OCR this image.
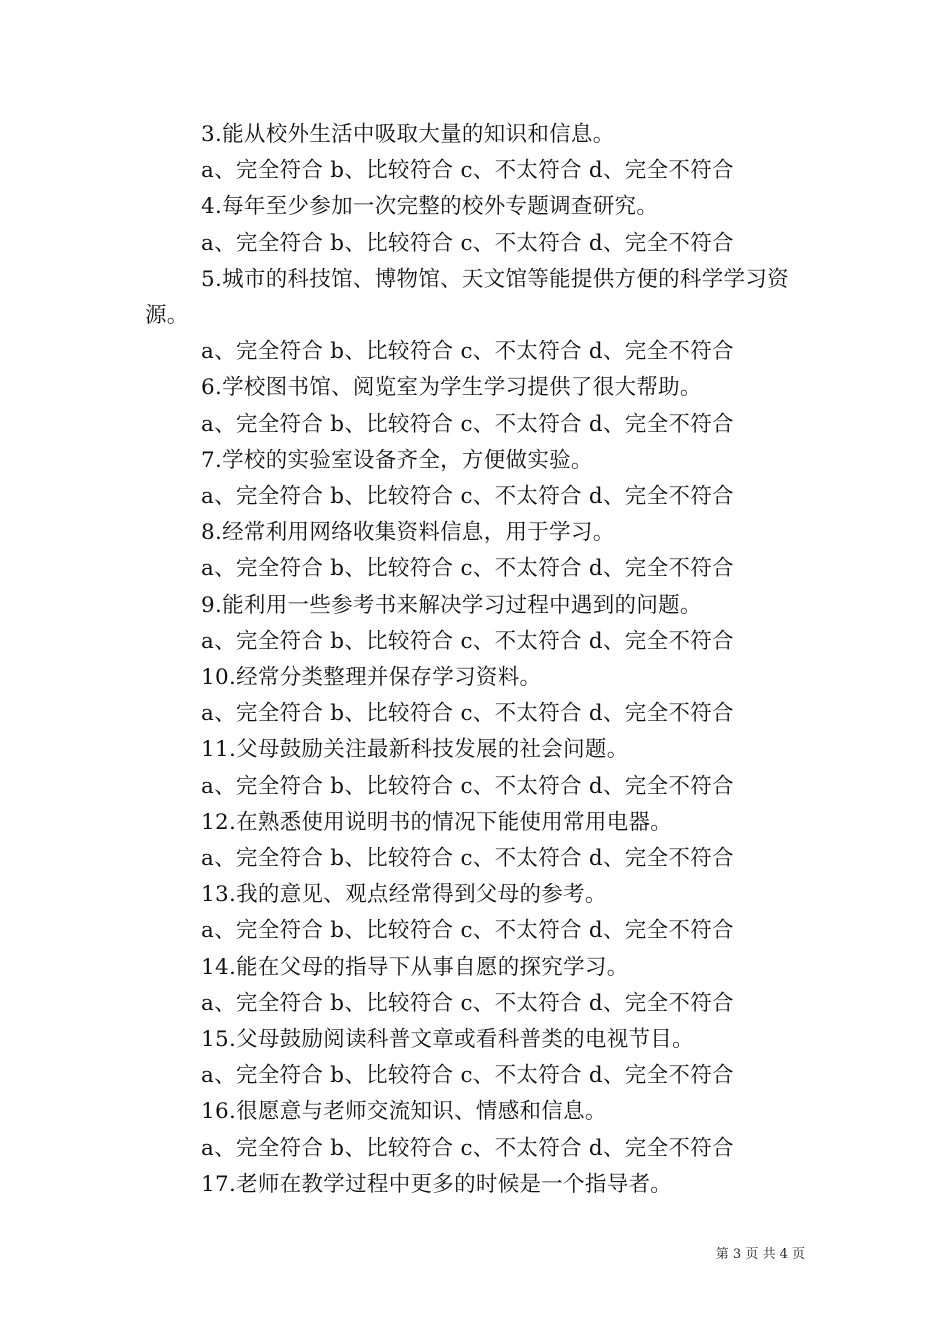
3.能从校外生活中吸取大量的知识和信息。

a、完全符合 b、比较符合 c、不太符合 d、完全不符合

4.每年至少参加一次完整的校外专题调查研究。

a、完全符合 b、比较符合 c、不太符合 d、完全不符合

5.城市的科技馆、博物馆、天文馆等能提供方便的科学学习资
源。

a、完全符合 b、比较符合 c、不太符合 d、完全不符合

6.学校图书馆、阅览室为学生学习提供了很大帮助。

a、完全符合 b、比较符合 c、不太符合 d、完全不符合

7.学校的实验室设备齐全，方便做实验。

a、完全符合 b、比较符合 c、不太符合 d、完全不符合

8.经常利用网络收集资料信息，用于学习。

a、完全符合 b、比较符合 c、不太符合 d、完全不符合

9.能利用一些参考书来解决学习过程中遇到的问题。

a、完全符合 b、比较符合 c、不太符合 d、完全不符合

10.经常分类整理并保存学习资料。

a、完全符合 b、比较符合 c、不太符合 d、完全不符合

11.父母鼓励关注最新科技发展的社会问题。

a、完全符合 b、比较符合 c、不太符合 d、完全不符合

12.在熟悉使用说明书的情况下能使用常用电器。

a、完全符合 b、比较符合 c、不太符合 d、完全不符合

13.我的意见、观点经常得到父母的参考。

a、完全符合 b、比较符合 c、不太符合 d、完全不符合

14.能在父母的指导下从事自愿的探究学习。

a、完全符合 b、比较符合 c、不太符合 d、完全不符合

15.父母鼓励阅读科普文章或看科普类的电视节目。

a、完全符合 b、比较符合 c、不太符合 d、完全不符合

16.很愿意与老师交流知识、情感和信息。

a、完全符合 b、比较符合 c、不太符合 d、完全不符合

17.老师在教学过程中更多的时候是一个指导者。

第 3 页 共 4 页
